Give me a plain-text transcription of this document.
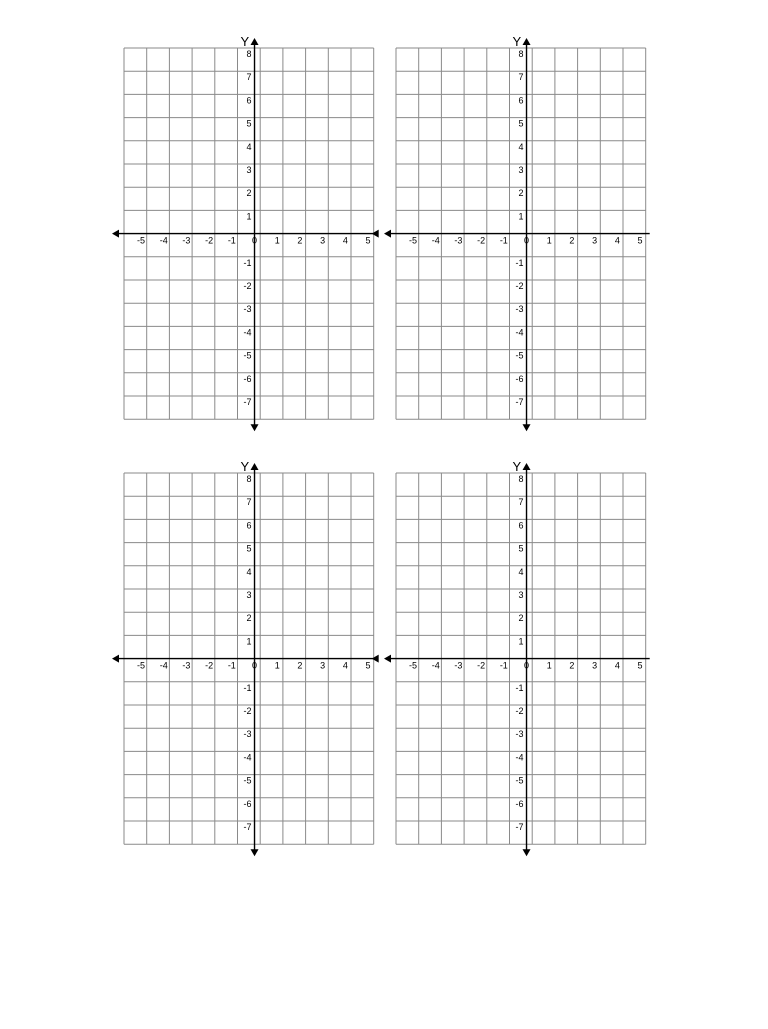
Y
-5 -4 -3 -2 -1 0 1 2 3 4 5
8
7
6
5
4
3
2
1
-1
-2
-3
-4
-5
-6
-7
Y
-5 -4 -3 -2 -1 0 1 2 3 4 5
8
7
6
5
4
3
2
1
-1
-2
-3
-4
-5
-6
-7
Y
-5 -4 -3 -2 -1 0 1 2 3 4 5
8
7
6
5
4
3
2
1
-1
-2
-3
-4
-5
-6
-7
Y
-5 -4 -3 -2 -1 0 1 2 3 4 5
8
7
6
5
4
3
2
1
-1
-2
-3
-4
-5
-6
-7
